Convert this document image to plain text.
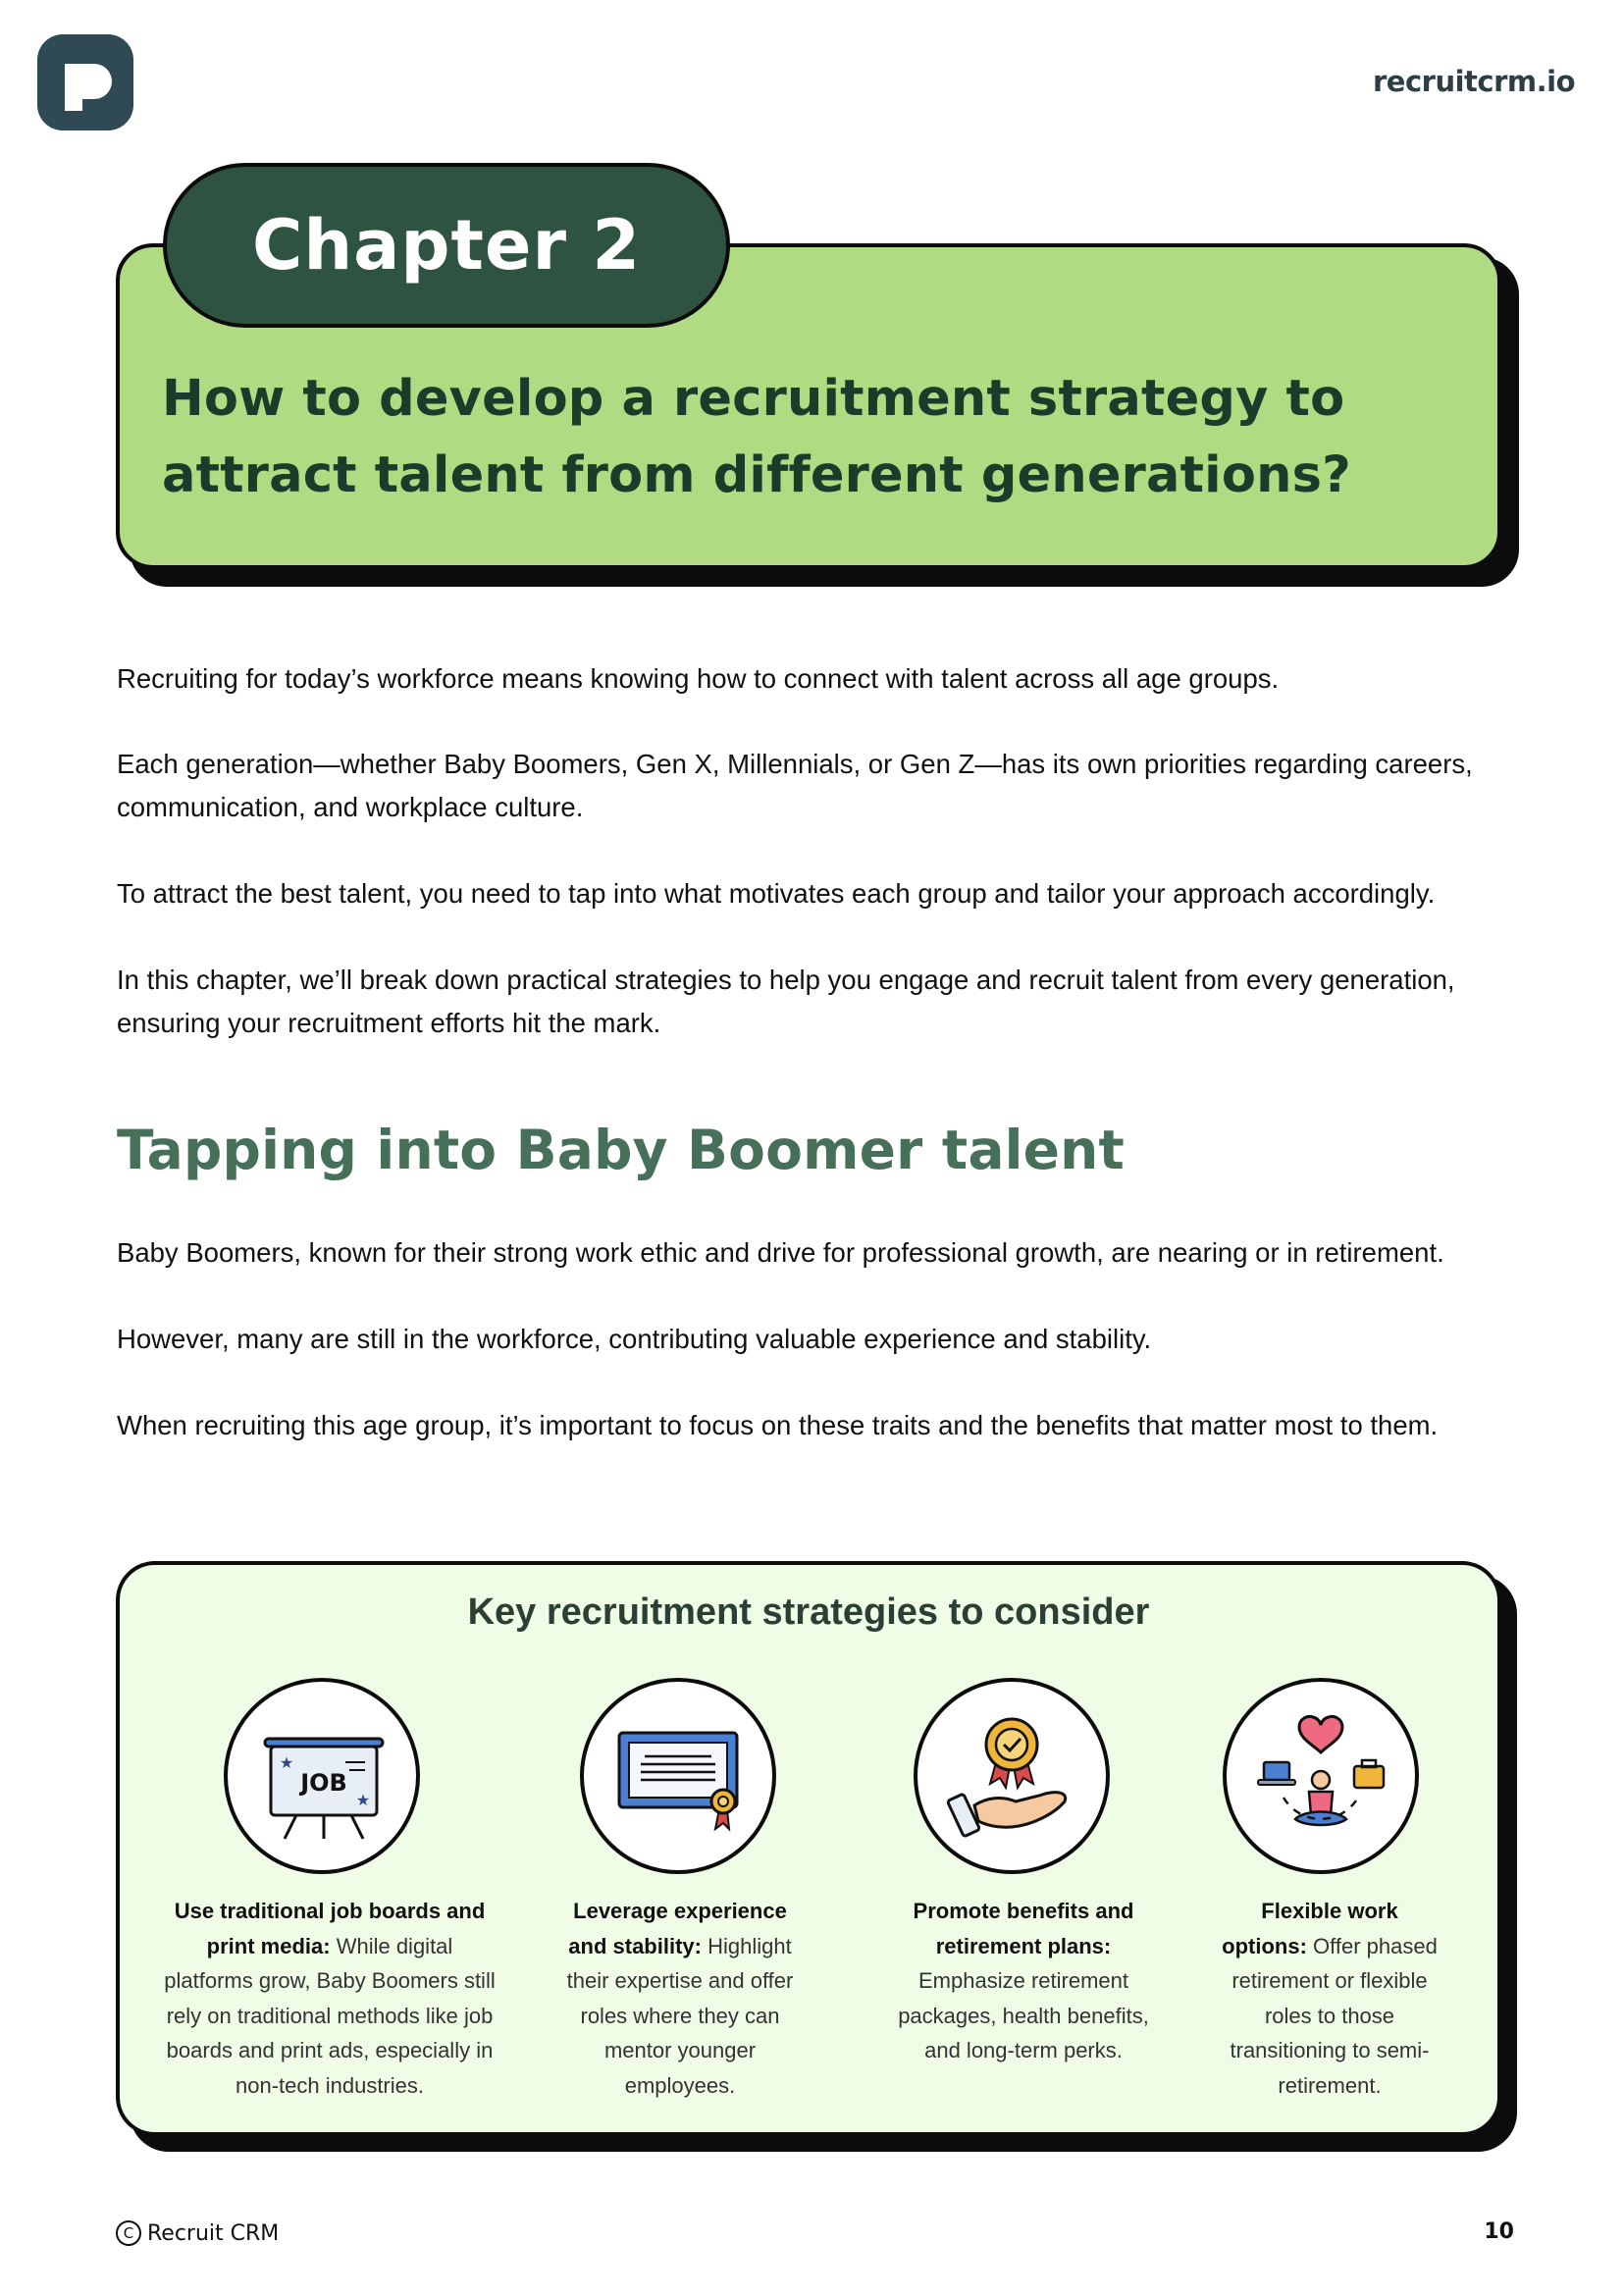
recruitcrm.io
Chapter 2
How to develop a recruitment strategy to attract talent from different generations?

Recruiting for today’s workforce means knowing how to connect with talent across all age groups.

Each generation—whether Baby Boomers, Gen X, Millennials, or Gen Z—has its own priorities regarding careers, communication, and workplace culture.

To attract the best talent, you need to tap into what motivates each group and tailor your approach accordingly.

In this chapter, we’ll break down practical strategies to help you engage and recruit talent from every generation, ensuring your recruitment efforts hit the mark.

Tapping into Baby Boomer talent

Baby Boomers, known for their strong work ethic and drive for professional growth, are nearing or in retirement.

However, many are still in the workforce, contributing valuable experience and stability.

When recruiting this age group, it’s important to focus on these traits and the benefits that matter most to them.

Key recruitment strategies to consider
JOB
★
★

Use traditional job boards and print media: While digital platforms grow, Baby Boomers still rely on traditional methods like job boards and print ads, especially in non-tech industries.

Leverage experience and stability: Highlight their expertise and offer roles where they can mentor younger employees.

Promote benefits and retirement plans: Emphasize retirement packages, health benefits, and long-term perks.

Flexible work options: Offer phased retirement or flexible roles to those transitioning to semi-retirement.

C Recruit CRM	10
